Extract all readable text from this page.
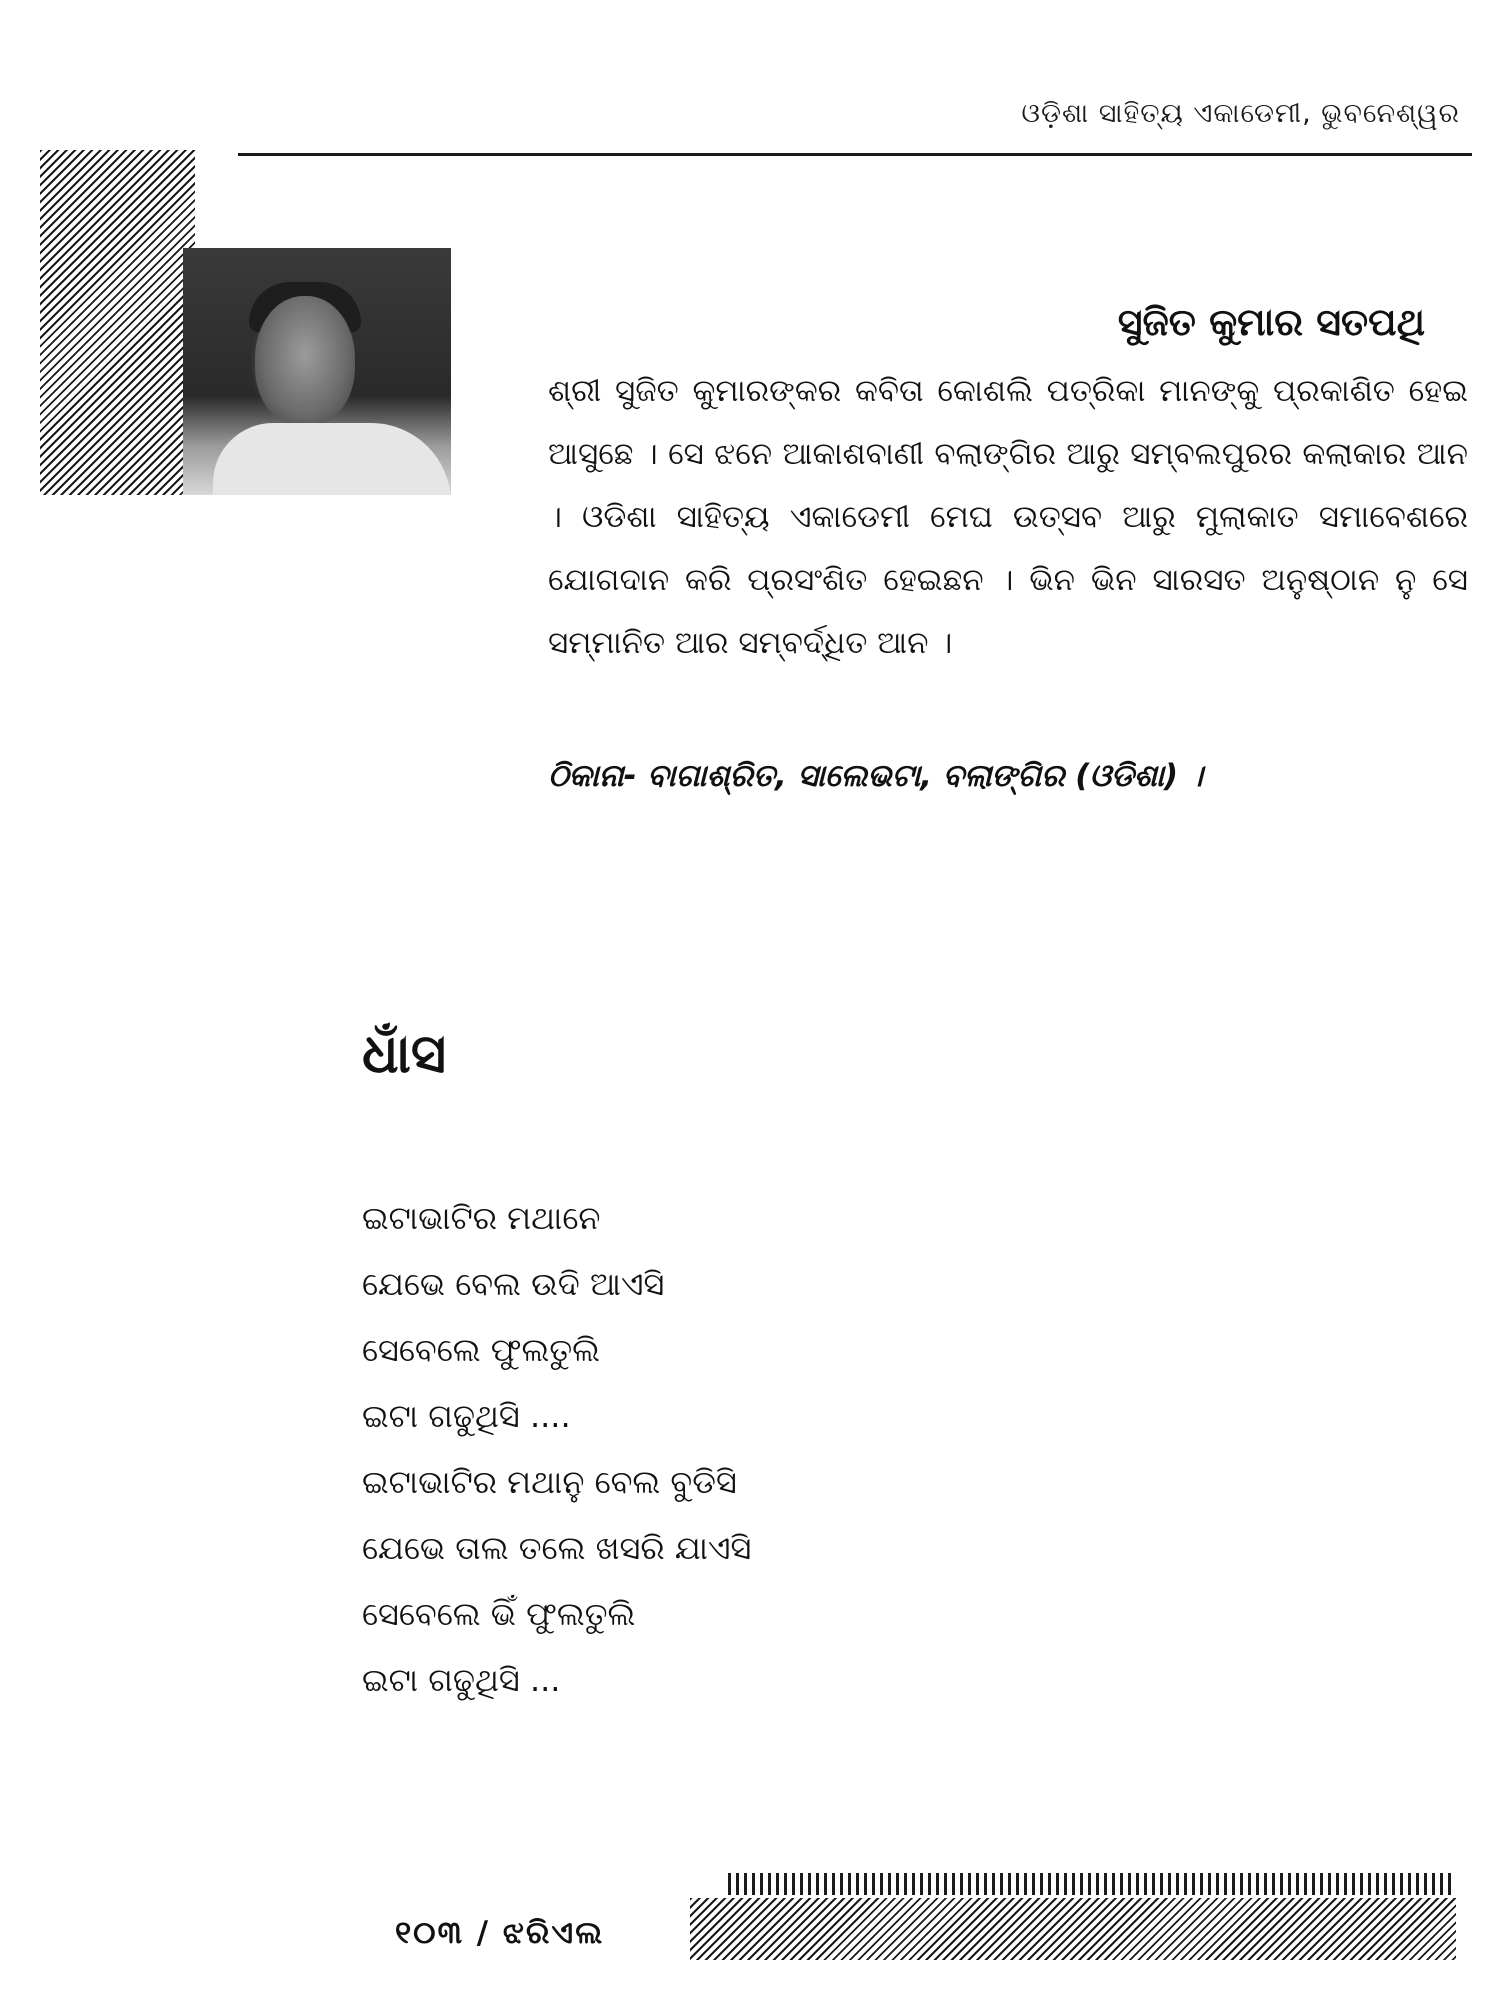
ଓଡ଼ିଶା ସାହିତ୍ୟ ଏକାଡେମୀ, ଭୁବନେଶ୍ୱର
ସୁଜିତ କୁମାର ସତପଥି

ଶ୍ରୀ ସୁଜିତ କୁମାରଙ୍କର କବିତା କୋଶଲି ପତ୍ରିକା ମାନଙ୍କୁ ପ୍ରକାଶିତ ହେଇ ଆସୁଛେ । ସେ ଝନେ ଆକାଶବାଣୀ ବଲାଙ୍ଗିର ଆରୁ ସମ୍ବଲପୁରର କଲାକାର ଆନ । ଓଡିଶା ସାହିତ୍ୟ ଏକାଡେମୀ ମେଘ ଉତ୍ସବ ଆରୁ ମୁଲାକାତ ସମାବେଶରେ ଯୋଗଦାନ କରି ପ୍ରସଂଶିତ ହେଇଛନ । ଭିନ ଭିନ ସାରସତ ଅନୁଷ୍ଠାନ ନୁ ସେ ସମ୍ମାନିତ ଆର ସମ୍ବର୍ଦ୍ଧିତ ଆନ ।

ଠିକାନା- ବାଗାଶ୍ରିତ, ସାଲେଭଟା, ବଲାଙ୍ଗିର (ଓଡିଶା) ।
ଧାଁସ
ଇଟାଭାଟିର ମଥାନେ
ଯେଭେ ବେଲ ଉଦି ଆଏସି
ସେବେଲେ ଫୁଲତୁଲି
ଇଟା ଗଢୁଥିସି ....
ଇଟାଭାଟିର ମଥାନୁ ବେଲ ବୁଡିସି
ଯେଭେ ତାଲ ତଲେ ଖସରି ଯାଏସି
ସେବେଲେ ଭିଁ ଫୁଲତୁଲି
ଇଟା ଗଢୁଥିସି ...
୧୦୩ / ଝରିଏଲ
